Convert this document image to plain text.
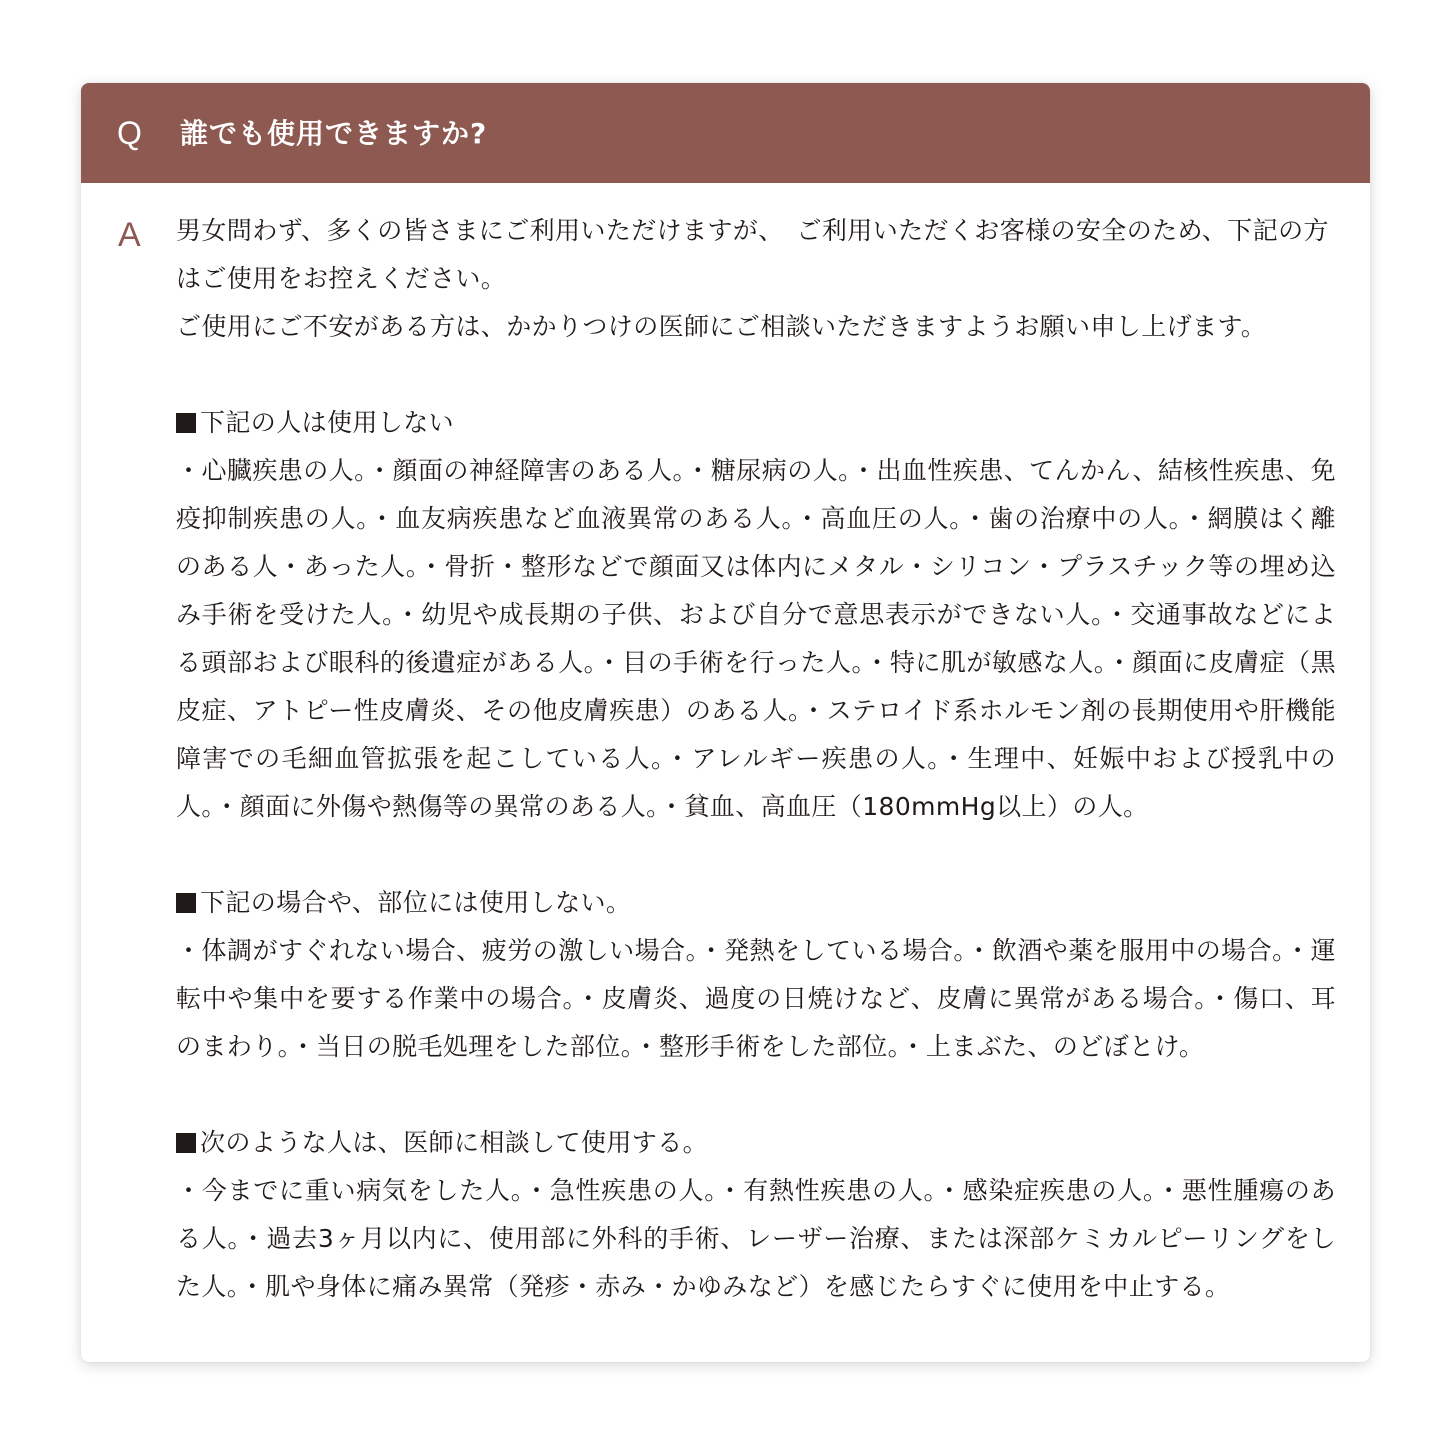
Q 誰でも使用できますか?
A 男女問わず、多くの皆さまにご利用いただけますが、　ご利用いただくお客様の安全のため、下記の方はご使用をお控えください。

ご使用にご不安がある方は、かかりつけの医師にご相談いただきますようお願い申し上げます。

下記の人は使用しない

・心臓疾患の人。・顔面の神経障害のある人。・糖尿病の人。・出血性疾患、てんかん、結核性疾患、免疫抑制疾患の人。・血友病疾患など血液異常のある人。・高血圧の人。・歯の治療中の人。・網膜はく離のある人・あった人。・骨折・整形などで顔面又は体内にメタル・シリコン・プラスチック等の埋め込み手術を受けた人。・幼児や成長期の子供、および自分で意思表示ができない人。・交通事故などによる頭部および眼科的後遺症がある人。・目の手術を行った人。・特に肌が敏感な人。・顔面に皮膚症（黒皮症、アトピー性皮膚炎、その他皮膚疾患）のある人。・ステロイド系ホルモン剤の長期使用や肝機能障害での毛細血管拡張を起こしている人。・アレルギー疾患の人。・生理中、妊娠中および授乳中の人。・顔面に外傷や熱傷等の異常のある人。・貧血、高血圧（180mmHg以上）の人。

下記の場合や、部位には使用しない。

・体調がすぐれない場合、疲労の激しい場合。・発熱をしている場合。・飲酒や薬を服用中の場合。・運転中や集中を要する作業中の場合。・皮膚炎、過度の日焼けなど、皮膚に異常がある場合。・傷口、耳のまわり。・当日の脱毛処理をした部位。・整形手術をした部位。・上まぶた、のどぼとけ。

次のような人は、医師に相談して使用する。

・今までに重い病気をした人。・急性疾患の人。・有熱性疾患の人。・感染症疾患の人。・悪性腫瘍のある人。・過去3ヶ月以内に、使用部に外科的手術、レーザー治療、または深部ケミカルピーリングをした人。・肌や身体に痛み異常（発疹・赤み・かゆみなど）を感じたらすぐに使用を中止する。
